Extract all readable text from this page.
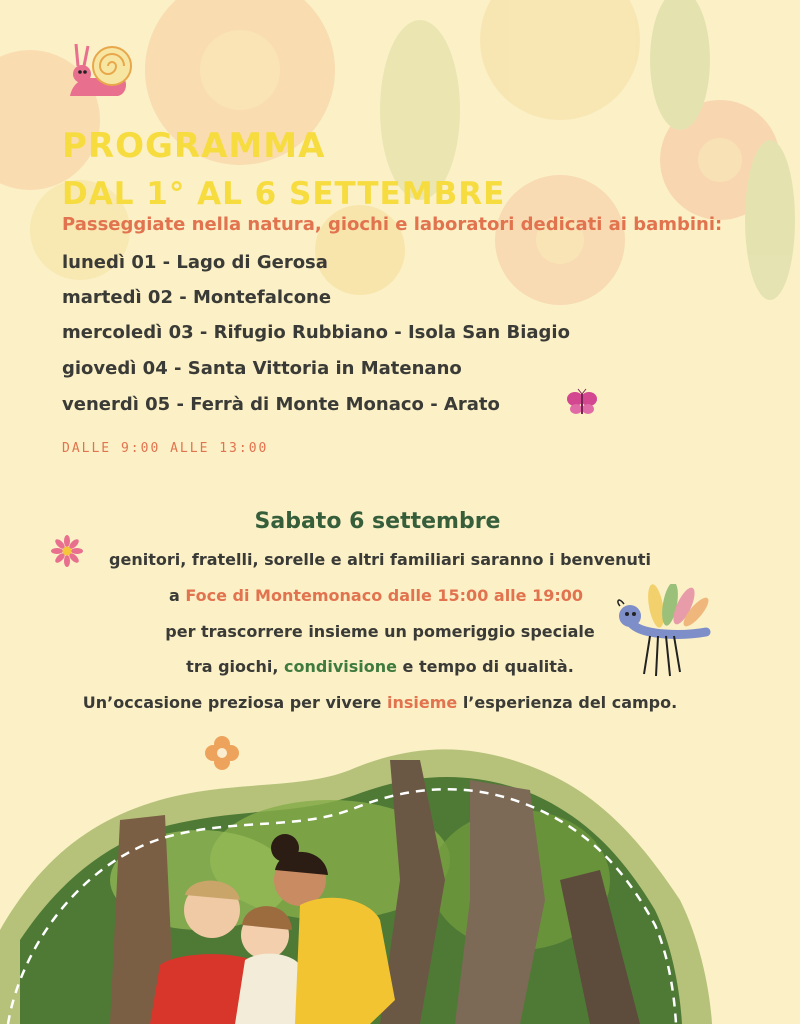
PROGRAMMA
DAL 1° AL 6 SETTEMBRE
Passeggiate nella natura, giochi e laboratori dedicati ai bambini:
lunedì 01 - Lago di Gerosa
martedì 02 - Montefalcone
mercoledì 03 - Rifugio Rubbiano - Isola San Biagio
giovedì 04 - Santa Vittoria in Matenano
venerdì 05 - Ferrà di Monte Monaco - Arato
DALLE 9:00 ALLE 13:00
Sabato 6 settembre
genitori, fratelli, sorelle e altri familiari saranno i benvenuti
a Foce di Montemonaco dalle 15:00 alle 19:00
per trascorrere insieme un pomeriggio speciale
tra giochi, condivisione e tempo di qualità.
Un’occasione preziosa per vivere insieme l’esperienza del campo.
